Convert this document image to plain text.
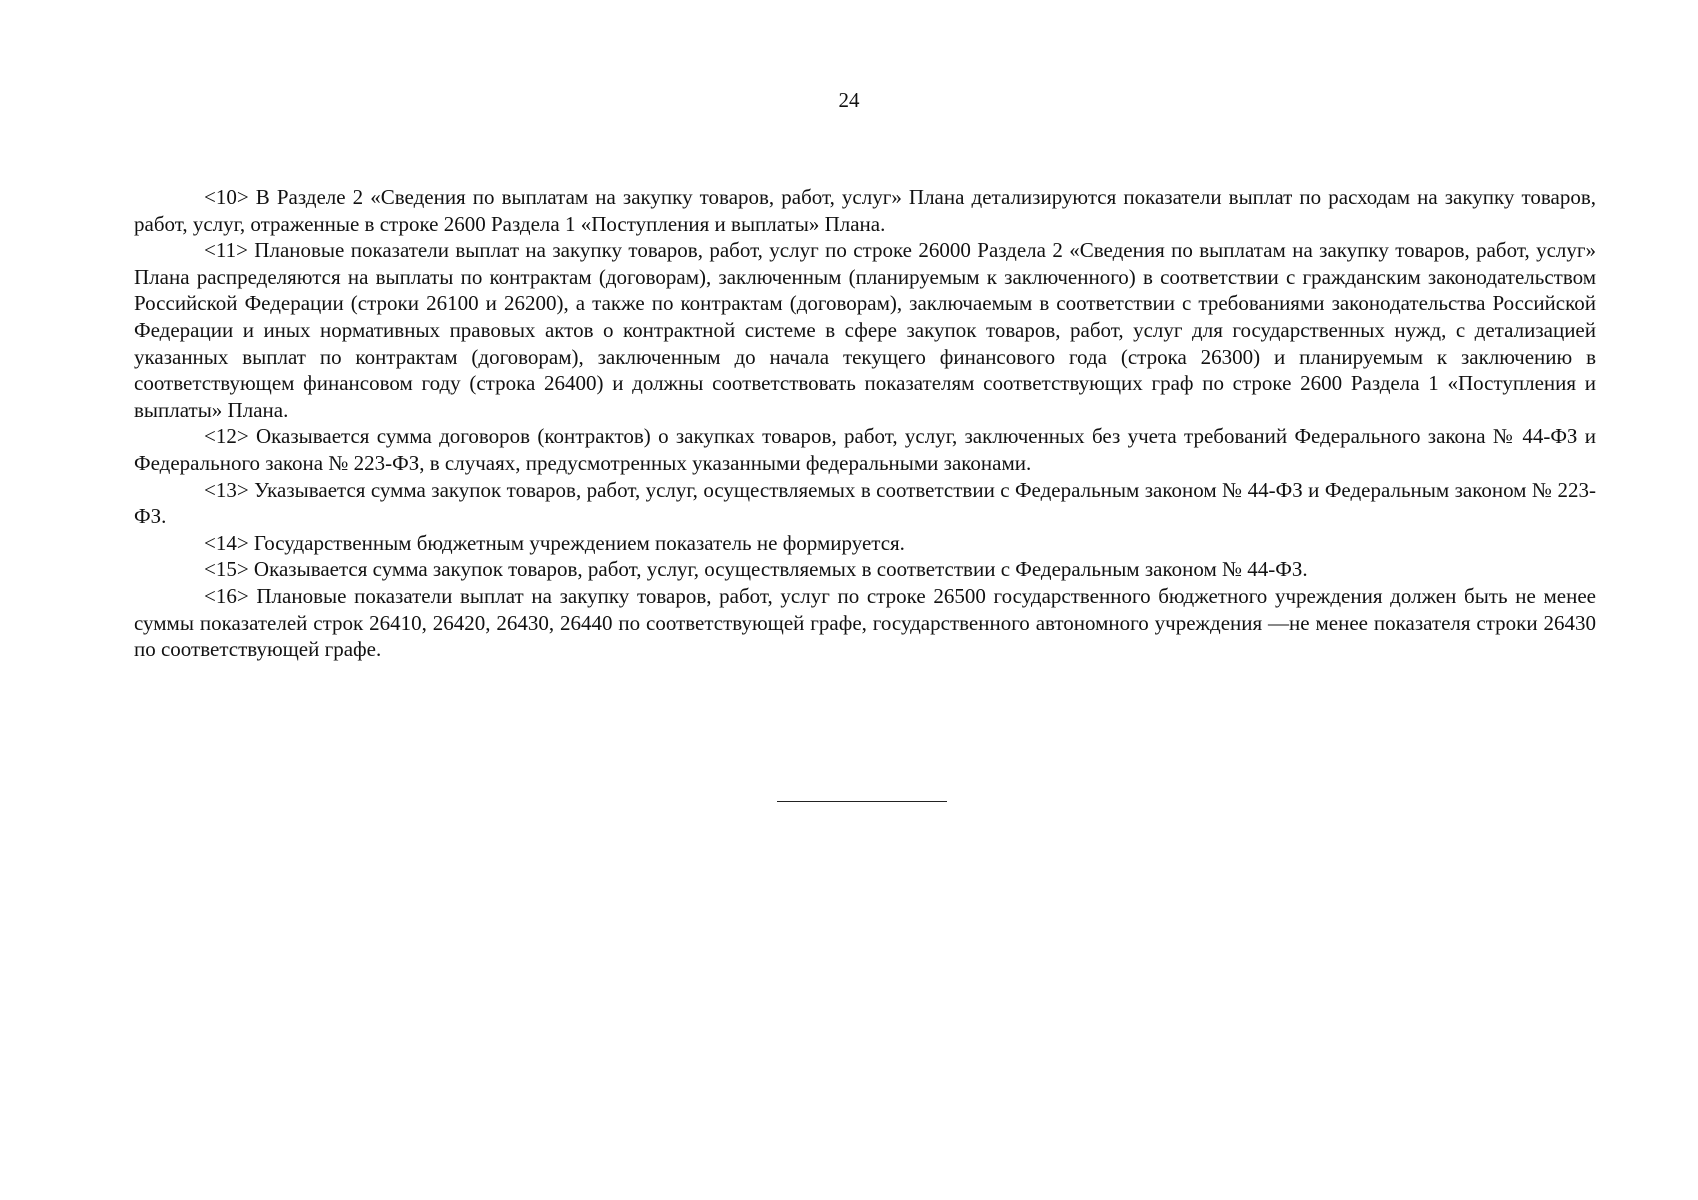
24

<10> В Разделе 2 «Сведения по выплатам на закупку товаров, работ, услуг» Плана детализируются показатели выплат по расходам на закупку товаров, работ, услуг, отраженные в строке 2600 Раздела 1 «Поступления и выплаты» Плана.

<11> Плановые показатели выплат на закупку товаров, работ, услуг по строке 26000 Раздела 2 «Сведения по выплатам на закупку товаров, работ, услуг» Плана распределяются на выплаты по контрактам (договорам), заключенным (планируемым к заключенного) в соответствии с гражданским законодательством Российской Федерации (строки 26100 и 26200), а также по контрактам (договорам), заключаемым в соответствии с требованиями законодательства Российской Федерации и иных нормативных правовых актов о контрактной системе в сфере закупок товаров, работ, услуг для государственных нужд, с детализацией указанных выплат по контрактам (договорам), заключенным до начала текущего финансового года (строка 26300) и планируемым к заключению в соответствующем финансовом году (строка 26400) и должны соответствовать показателям соответствующих граф по строке 2600 Раздела 1 «Поступления и выплаты» Плана.

<12> Оказывается сумма договоров (контрактов) о закупках товаров, работ, услуг, заключенных без учета требований Федерального закона № 44-ФЗ и Федерального закона № 223-ФЗ, в случаях, предусмотренных указанными федеральными законами.

<13> Указывается сумма закупок товаров, работ, услуг, осуществляемых в соответствии с Федеральным законом № 44-ФЗ и Федеральным законом № 223-ФЗ.

<14> Государственным бюджетным учреждением показатель не формируется.

<15> Оказывается сумма закупок товаров, работ, услуг, осуществляемых в соответствии с Федеральным законом № 44-ФЗ.

<16> Плановые показатели выплат на закупку товаров, работ, услуг по строке 26500 государственного бюджетного учреждения должен быть не менее суммы показателей строк 26410, 26420, 26430, 26440 по соответствующей графе, государственного автономного учреждения —не менее показателя строки 26430 по соответствующей графе.
